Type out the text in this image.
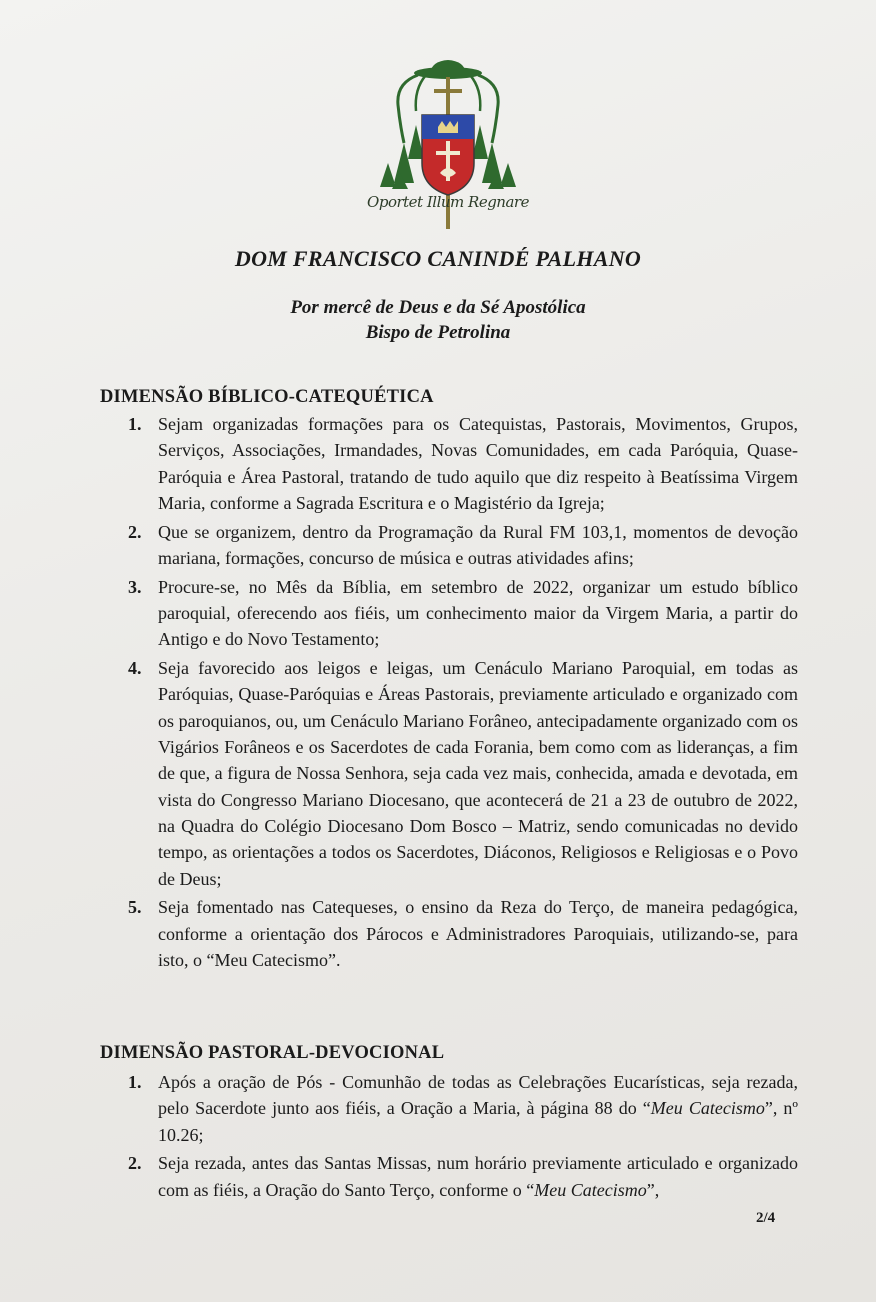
Oportet Illum Regnare
DOM FRANCISCO CANINDÉ PALHANO
Por mercê de Deus e da Sé Apostólica
Bispo de Petrolina
DIMENSÃO BÍBLICO-CATEQUÉTICA
1. Sejam organizadas formações para os Catequistas, Pastorais, Movimentos, Grupos, Serviços, Associações, Irmandades, Novas Comunidades, em cada Paróquia, Quase-Paróquia e Área Pastoral, tratando de tudo aquilo que diz respeito à Beatíssima Virgem Maria, conforme a Sagrada Escritura e o Magistério da Igreja;
2. Que se organizem, dentro da Programação da Rural FM 103,1, momentos de devoção mariana, formações, concurso de música e outras atividades afins;
3. Procure-se, no Mês da Bíblia, em setembro de 2022, organizar um estudo bíblico paroquial, oferecendo aos fiéis, um conhecimento maior da Virgem Maria, a partir do Antigo e do Novo Testamento;
4. Seja favorecido aos leigos e leigas, um Cenáculo Mariano Paroquial, em todas as Paróquias, Quase-Paróquias e Áreas Pastorais, previamente articulado e organizado com os paroquianos, ou, um Cenáculo Mariano Forâneo, antecipadamente organizado com os Vigários Forâneos e os Sacerdotes de cada Forania, bem como com as lideranças, a fim de que, a figura de Nossa Senhora, seja cada vez mais, conhecida, amada e devotada, em vista do Congresso Mariano Diocesano, que acontecerá de 21 a 23 de outubro de 2022, na Quadra do Colégio Diocesano Dom Bosco – Matriz, sendo comunicadas no devido tempo, as orientações a todos os Sacerdotes, Diáconos, Religiosos e Religiosas e o Povo de Deus;
5. Seja fomentado nas Catequeses, o ensino da Reza do Terço, de maneira pedagógica, conforme a orientação dos Párocos e Administradores Paroquiais, utilizando-se, para isto, o “Meu Catecismo”.
DIMENSÃO PASTORAL-DEVOCIONAL
1. Após a oração de Pós - Comunhão de todas as Celebrações Eucarísticas, seja rezada, pelo Sacerdote junto aos fiéis, a Oração a Maria, à página 88 do “Meu Catecismo”, nº 10.26;
2. Seja rezada, antes das Santas Missas, num horário previamente articulado e organizado com as fiéis, a Oração do Santo Terço, conforme o “Meu Catecismo”,
2/4
